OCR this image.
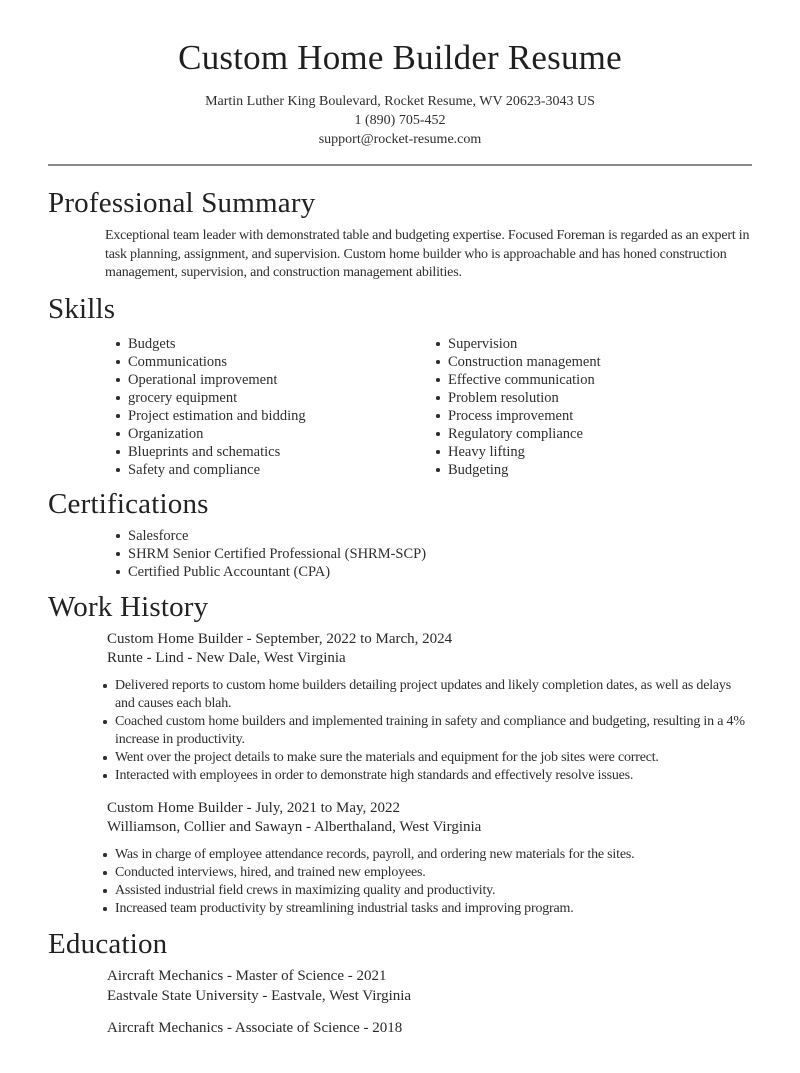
Custom Home Builder Resume
Martin Luther King Boulevard, Rocket Resume, WV 20623-3043 US
1 (890) 705-452
support@rocket-resume.com
Professional Summary

Exceptional team leader with demonstrated table and budgeting expertise. Focused Foreman is regarded as an expert in task planning, assignment, and supervision. Custom home builder who is approachable and has honed construction management, supervision, and construction management abilities.

Skills
Budgets
Communications
Operational improvement
grocery equipment
Project estimation and bidding
Organization
Blueprints and schematics
Safety and compliance
Supervision
Construction management
Effective communication
Problem resolution
Process improvement
Regulatory compliance
Heavy lifting
Budgeting
Certifications
Salesforce
SHRM Senior Certified Professional (SHRM-SCP)
Certified Public Accountant (CPA)
Work History
Custom Home Builder - September, 2022 to March, 2024
Runte - Lind - New Dale, West Virginia
Delivered reports to custom home builders detailing project updates and likely completion dates, as well as delays and causes each blah.
Coached custom home builders and implemented training in safety and compliance and budgeting, resulting in a 4% increase in productivity.
Went over the project details to make sure the materials and equipment for the job sites were correct.
Interacted with employees in order to demonstrate high standards and effectively resolve issues.
Custom Home Builder - July, 2021 to May, 2022
Williamson, Collier and Sawayn - Alberthaland, West Virginia
Was in charge of employee attendance records, payroll, and ordering new materials for the sites.
Conducted interviews, hired, and trained new employees.
Assisted industrial field crews in maximizing quality and productivity.
Increased team productivity by streamlining industrial tasks and improving program.
Education
Aircraft Mechanics - Master of Science - 2021
Eastvale State University - Eastvale, West Virginia
Aircraft Mechanics - Associate of Science - 2018
